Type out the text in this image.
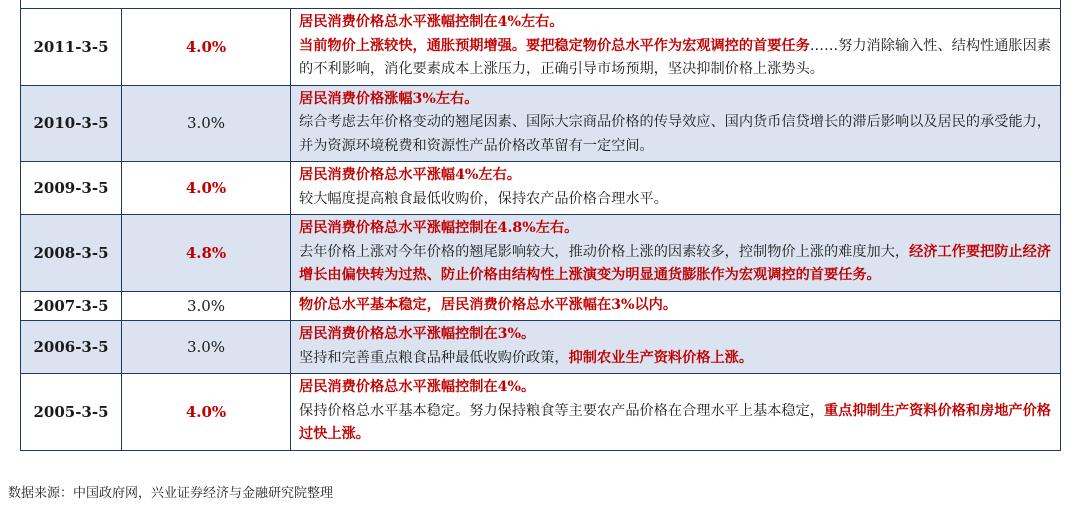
2011-3-5	4.0%	居民消费价格总水平涨幅控制在4%左右。
当前物价上涨较快，通胀预期增强。要把稳定物价总水平作为宏观调控的首要任务……努力消除输入性、结构性通胀因素的不利影响，消化要素成本上涨压力，正确引导市场预期，坚决抑制价格上涨势头。

2010-3-5	3.0%	居民消费价格涨幅3%左右。
综合考虑去年价格变动的翘尾因素、国际大宗商品价格的传导效应、国内货币信贷增长的滞后影响以及居民的承受能力，并为资源环境税费和资源性产品价格改革留有一定空间。

2009-3-5	4.0%	居民消费价格总水平涨幅4%左右。
较大幅度提高粮食最低收购价，保持农产品价格合理水平。

2008-3-5	4.8%	居民消费价格总水平涨幅控制在4.8%左右。
去年价格上涨对今年价格的翘尾影响较大，推动价格上涨的因素较多，控制物价上涨的难度加大，经济工作要把防止经济增长由偏快转为过热、防止价格由结构性上涨演变为明显通货膨胀作为宏观调控的首要任务。

2007-3-5	3.0%	物价总水平基本稳定，居民消费价格总水平涨幅在3%以内。

2006-3-5	3.0%	居民消费价格总水平涨幅控制在3%。
坚持和完善重点粮食品种最低收购价政策，抑制农业生产资料价格上涨。

2005-3-5	4.0%	居民消费价格总水平涨幅控制在4%。
保持价格总水平基本稳定。努力保持粮食等主要农产品价格在合理水平上基本稳定，重点抑制生产资料价格和房地产价格过快上涨。
数据来源：中国政府网，兴业证券经济与金融研究院整理
